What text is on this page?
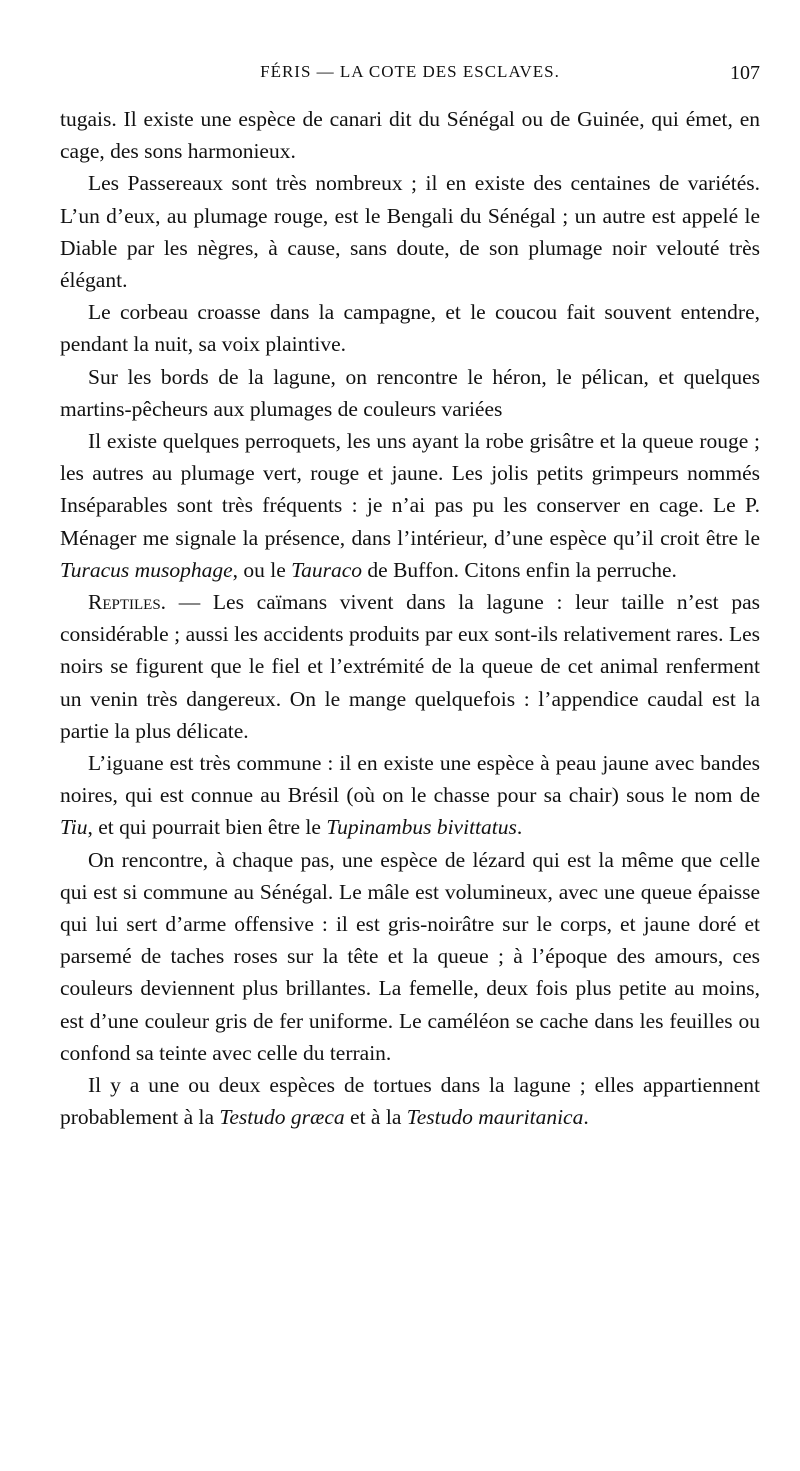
FÉRIS — LA COTE DES ESCLAVES.	107

tugais. Il existe une espèce de canari dit du Sénégal ou de Guinée, qui émet, en cage, des sons harmonieux.

Les Passereaux sont très nombreux ; il en existe des centaines de variétés. L’un d’eux, au plumage rouge, est le Bengali du Sénégal ; un autre est appelé le Diable par les nègres, à cause, sans doute, de son plumage noir velouté très élégant.

Le corbeau croasse dans la campagne, et le coucou fait souvent entendre, pendant la nuit, sa voix plaintive.

Sur les bords de la lagune, on rencontre le héron, le pélican, et quelques martins-pêcheurs aux plumages de couleurs variées

Il existe quelques perroquets, les uns ayant la robe grisâtre et la queue rouge ; les autres au plumage vert, rouge et jaune. Les jolis petits grimpeurs nommés Inséparables sont très fréquents : je n’ai pas pu les conserver en cage. Le P. Ménager me signale la présence, dans l’intérieur, d’une espèce qu’il croit être le Turacus musophage, ou le Tauraco de Buffon. Citons enfin la perruche.

Reptiles. — Les caïmans vivent dans la lagune : leur taille n’est pas considérable ; aussi les accidents produits par eux sont-ils relativement rares. Les noirs se figurent que le fiel et l’extrémité de la queue de cet animal renferment un venin très dangereux. On le mange quelquefois : l’appendice caudal est la partie la plus délicate.

L’iguane est très commune : il en existe une espèce à peau jaune avec bandes noires, qui est connue au Brésil (où on le chasse pour sa chair) sous le nom de Tiu, et qui pourrait bien être le Tupinambus bivittatus.

On rencontre, à chaque pas, une espèce de lézard qui est la même que celle qui est si commune au Sénégal. Le mâle est volumineux, avec une queue épaisse qui lui sert d’arme offensive : il est gris-noirâtre sur le corps, et jaune doré et parsemé de taches roses sur la tête et la queue ; à l’époque des amours, ces couleurs deviennent plus brillantes. La femelle, deux fois plus petite au moins, est d’une couleur gris de fer uniforme. Le caméléon se cache dans les feuilles ou confond sa teinte avec celle du terrain.

Il y a une ou deux espèces de tortues dans la lagune ; elles appartiennent probablement à la Testudo græca et à la Testudo mauritanica.
